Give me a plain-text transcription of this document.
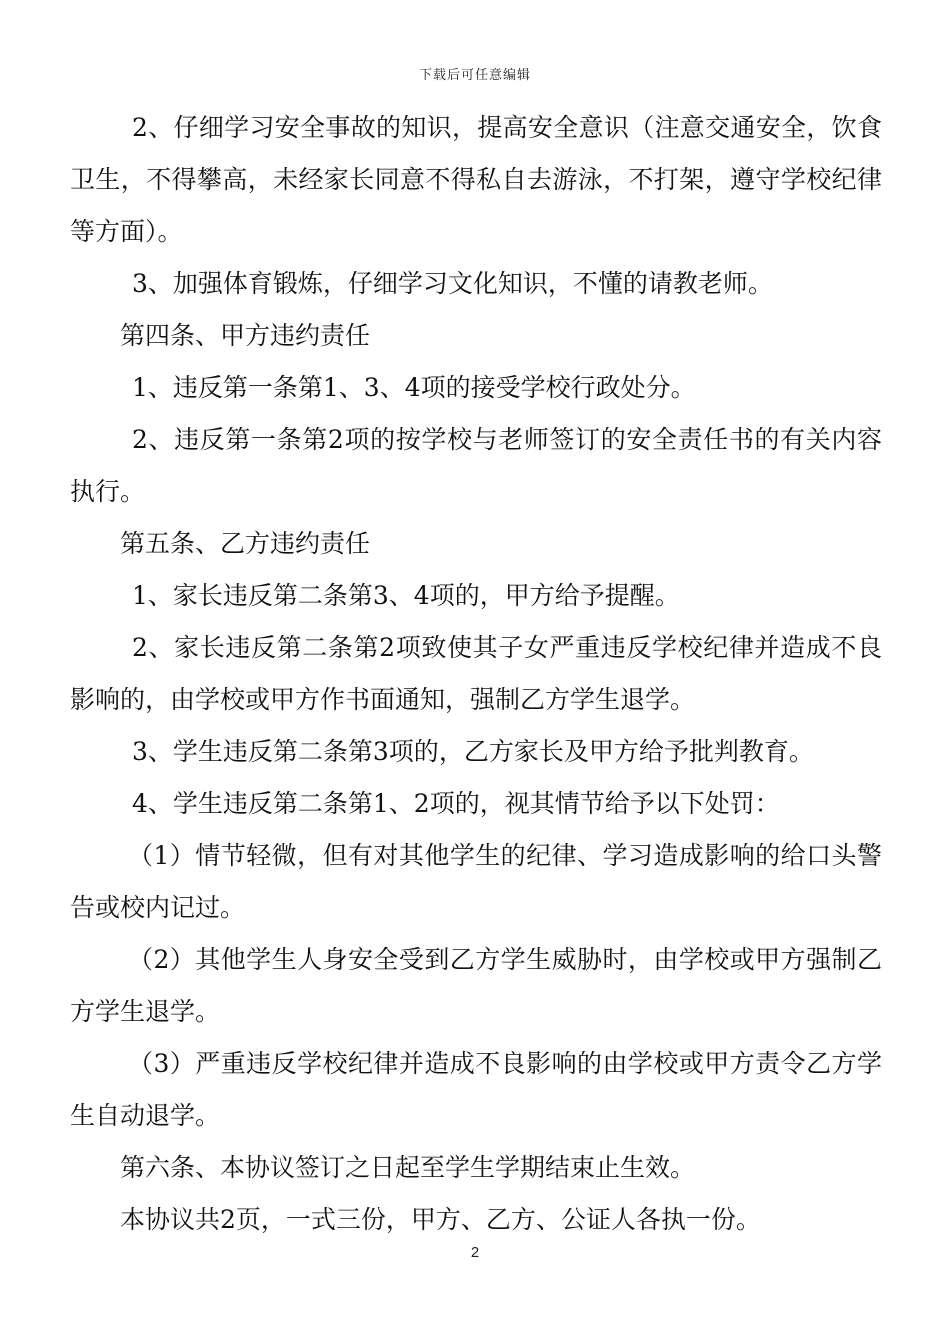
下载后可任意编辑

2、仔细学习安全事故的知识，提高安全意识（注意交通安全，饮食卫生，不得攀高，未经家长同意不得私自去游泳，不打架，遵守学校纪律等方面）。

3、加强体育锻炼，仔细学习文化知识，不懂的请教老师。

第四条、甲方违约责任

1、违反第一条第1、3、4项的接受学校行政处分。

2、违反第一条第2项的按学校与老师签订的安全责任书的有关内容执行。

第五条、乙方违约责任

1、家长违反第二条第3、4项的，甲方给予提醒。

2、家长违反第二条第2项致使其子女严重违反学校纪律并造成不良影响的，由学校或甲方作书面通知，强制乙方学生退学。

3、学生违反第二条第3项的，乙方家长及甲方给予批判教育。

4、学生违反第二条第1、2项的，视其情节给予以下处罚：

（1）情节轻微，但有对其他学生的纪律、学习造成影响的给口头警告或校内记过。

（2）其他学生人身安全受到乙方学生威胁时，由学校或甲方强制乙方学生退学。

（3）严重违反学校纪律并造成不良影响的由学校或甲方责令乙方学生自动退学。

第六条、本协议签订之日起至学生学期结束止生效。

本协议共2页，一式三份，甲方、乙方、公证人各执一份。

2
